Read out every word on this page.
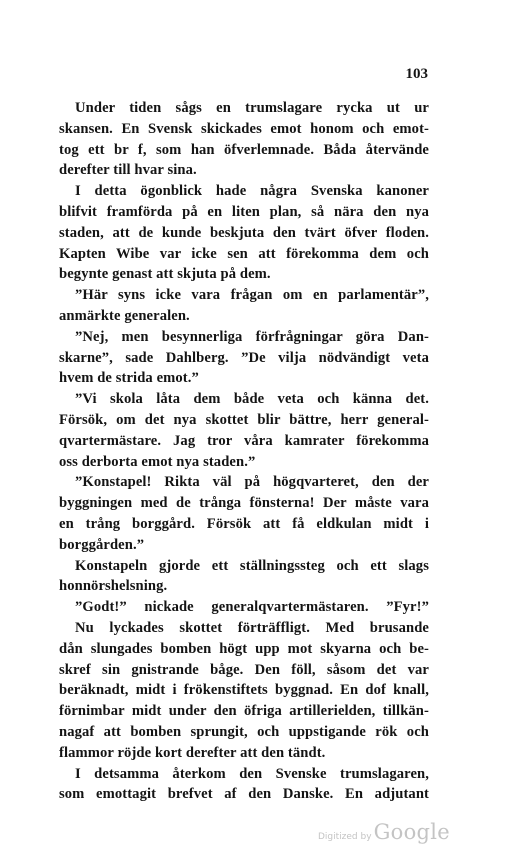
103
Under tiden sågs en trumslagare rycka ut ur
skansen. En Svensk skickades emot honom och emot-
tog ett br f, som han öfverlemnade. Båda återvände
derefter till hvar sina.
I detta ögonblick hade några Svenska kanoner
blifvit framförda på en liten plan, så nära den nya
staden, att de kunde beskjuta den tvärt öfver floden.
Kapten Wibe var icke sen att förekomma dem och
begynte genast att skjuta på dem.
”Här syns icke vara frågan om en parlamentär”,
anmärkte generalen.
”Nej, men besynnerliga förfrågningar göra Dan-
skarne”, sade Dahlberg. ”De vilja nödvändigt veta
hvem de strida emot.”
”Vi skola låta dem både veta och känna det.
Försök, om det nya skottet blir bättre, herr general-
qvartermästare. Jag tror våra kamrater förekomma
oss derborta emot nya staden.”
”Konstapel! Rikta väl på högqvarteret, den der
byggningen med de trånga fönsterna! Der måste vara
en trång borggård. Försök att få eldkulan midt i
borggården.”
Konstapeln gjorde ett ställningssteg och ett slags
honnörshelsning.
”Godt!” nickade generalqvartermästaren. ”Fyr!”
Nu lyckades skottet förträffligt. Med brusande
dån slungades bomben högt upp mot skyarna och be-
skref sin gnistrande båge. Den föll, såsom det var
beräknadt, midt i frökenstiftets byggnad. En dof knall,
förnimbar midt under den öfriga artillerielden, tillkän-
nagaf att bomben sprungit, och uppstigande rök och
flammor röjde kort derefter att den tändt.
I detsamma återkom den Svenske trumslagaren,
som emottagit brefvet af den Danske. En adjutant
Digitized by Google
